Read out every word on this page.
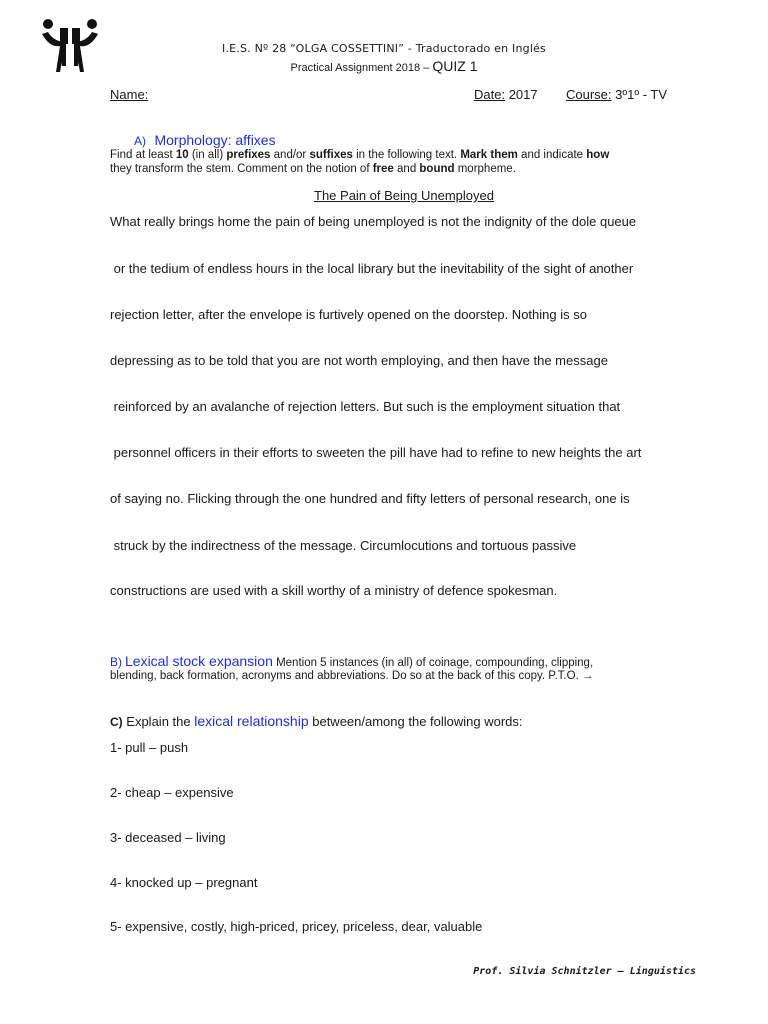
I.E.S. Nº 28 “OLGA COSSETTINI” - Traductorado en Inglés
Practical Assignment 2018 – QUIZ 1
Name:	Date: 2017 Course: 3º1º - TV
A) Morphology: affixes
Find at least 10 (in all) prefixes and/or suffixes in the following text. Mark them and indicate how
they transform the stem. Comment on the notion of free and bound morpheme.
The Pain of Being Unemployed
What really brings home the pain of being unemployed is not the indignity of the dole queue
or the tedium of endless hours in the local library but the inevitability of the sight of another
rejection letter, after the envelope is furtively opened on the doorstep. Nothing is so
depressing as to be told that you are not worth employing, and then have the message
reinforced by an avalanche of rejection letters. But such is the employment situation that
personnel officers in their efforts to sweeten the pill have had to refine to new heights the art
of saying no. Flicking through the one hundred and fifty letters of personal research, one is
struck by the indirectness of the message. Circumlocutions and tortuous passive
constructions are used with a skill worthy of a ministry of defence spokesman.
B) Lexical stock expansion Mention 5 instances (in all) of coinage, compounding, clipping,
blending, back formation, acronyms and abbreviations. Do so at the back of this copy. P.T.O. →
C) Explain the lexical relationship between/among the following words:
1- pull – push
2- cheap – expensive
3- deceased – living
4- knocked up – pregnant
5- expensive, costly, high-priced, pricey, priceless, dear, valuable
Prof. Silvia Schnitzler – Linguistics
